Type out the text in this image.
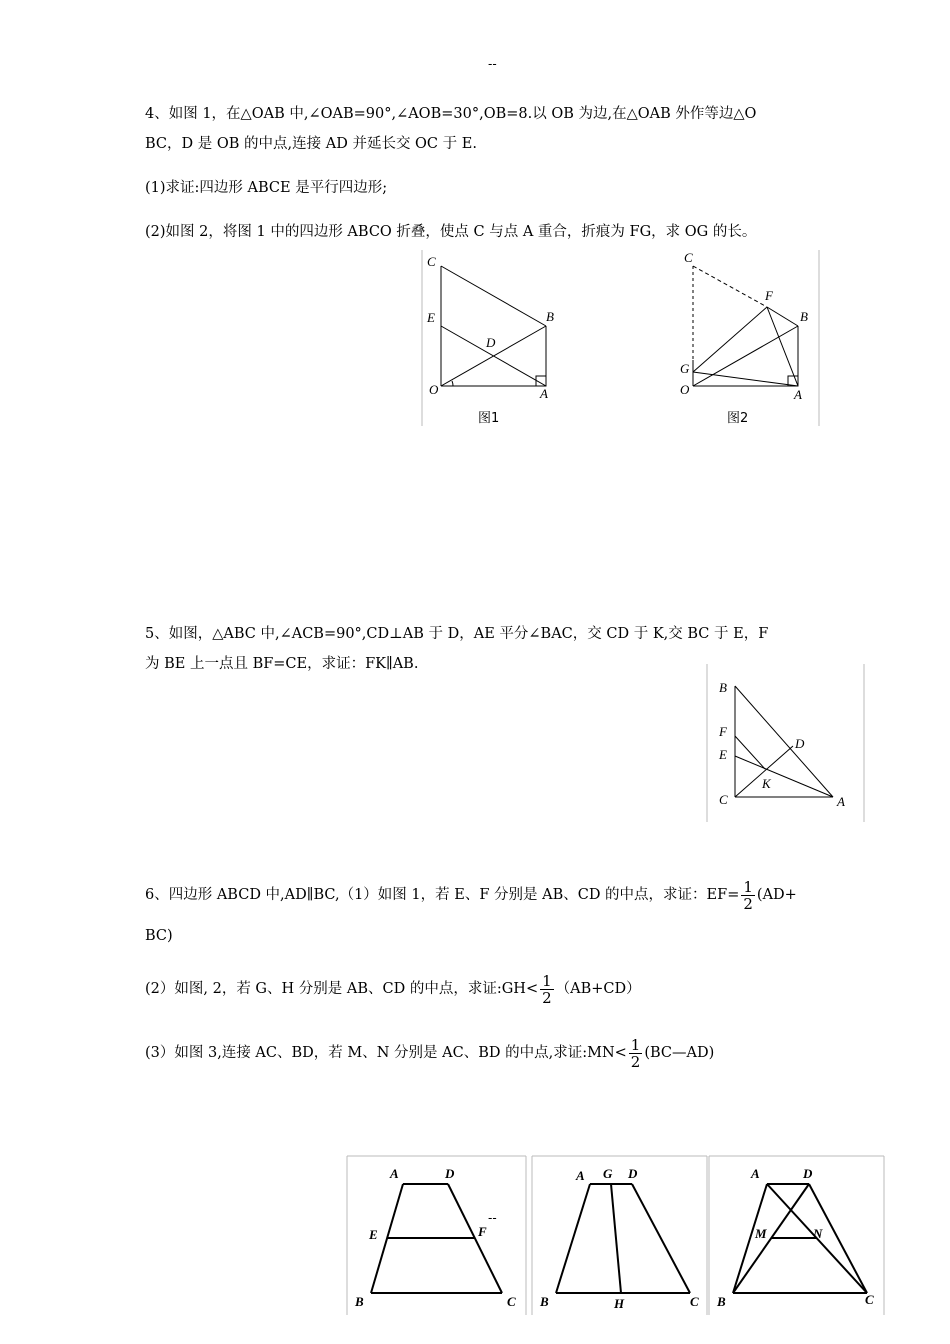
--
4、如图 1，在△OAB 中,∠OAB=90°,∠AOB=30°,OB=8.以 OB 为边,在△OAB 外作等边△O
BC，D 是 OB 的中点,连接 AD 并延长交 OC 于 E.
(1)求证:四边形 ABCE 是平行四边形;
(2)如图 2，将图 1 中的四边形 ABCO 折叠，使点 C 与点 A 重合，折痕为 FG，求 OG 的长。
C
E
D
B
O	A
图1
C
F
B
G
O	A
图2
5、如图，△ABC 中,∠ACB=90°,CD⊥AB 于 D，AE 平分∠BAC，交 CD 于 K,交 BC 于 E，F
为 BE 上一点且 BF=CE，求证：FK∥AB.
B
F
E
D
K
C	A
6、四边形 ABCD 中,AD∥BC,（1）如图 1，若 E、F 分别是 AB、CD 的中点，求证：$EF= \frac{1}{2} (AD+$
BC)
(2）如图, 2，若 G、H 分别是 AB、CD 的中点，求证:GH< $\frac{1}{2} (AB+CD)$
(3）如图 3,连接 AC、BD，若 M、N 分别是 AC、BD 的中点,求证:MN< $\frac{1}{2}$ (BC—AD)
--
A	D
E	F
B	C
A G D
B	H	C
A	D
M	N
B	C
